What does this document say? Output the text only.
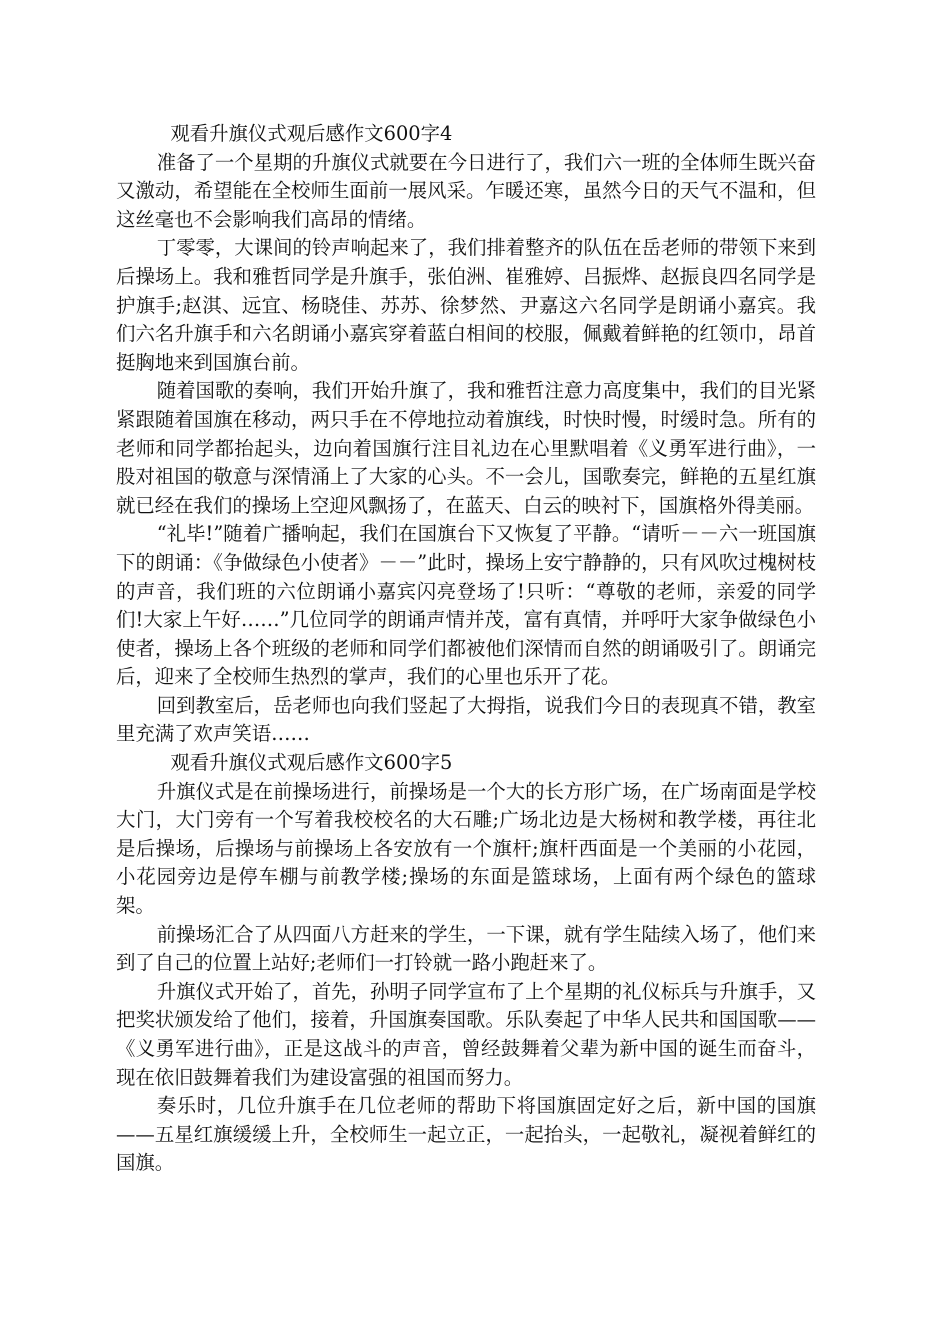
观看升旗仪式观后感作文600字4

准备了一个星期的升旗仪式就要在今日进行了，我们六一班的全体师生既兴奋又激动，希望能在全校师生面前一展风采。乍暖还寒，虽然今日的天气不温和，但这丝毫也不会影响我们高昂的情绪。

丁零零，大课间的铃声响起来了，我们排着整齐的队伍在岳老师的带领下来到后操场上。我和雅哲同学是升旗手，张伯洲、崔雅婷、吕振烨、赵振良四名同学是护旗手;赵淇、远宜、杨晓佳、苏苏、徐梦然、尹嘉这六名同学是朗诵小嘉宾。我们六名升旗手和六名朗诵小嘉宾穿着蓝白相间的校服，佩戴着鲜艳的红领巾，昂首挺胸地来到国旗台前。

随着国歌的奏响，我们开始升旗了，我和雅哲注意力高度集中，我们的目光紧紧跟随着国旗在移动，两只手在不停地拉动着旗线，时快时慢，时缓时急。所有的老师和同学都抬起头，边向着国旗行注目礼边在心里默唱着《义勇军进行曲》，一股对祖国的敬意与深情涌上了大家的心头。不一会儿，国歌奏完，鲜艳的五星红旗就已经在我们的操场上空迎风飘扬了，在蓝天、白云的映衬下，国旗格外得美丽。

“礼毕!”随着广播响起，我们在国旗台下又恢复了平静。“请听－－六一班国旗下的朗诵：《争做绿色小使者》－－”此时，操场上安宁静静的，只有风吹过槐树枝的声音，我们班的六位朗诵小嘉宾闪亮登场了!只听：“尊敬的老师，亲爱的同学们!大家上午好……”几位同学的朗诵声情并茂，富有真情，并呼吁大家争做绿色小使者，操场上各个班级的老师和同学们都被他们深情而自然的朗诵吸引了。朗诵完后，迎来了全校师生热烈的掌声，我们的心里也乐开了花。

回到教室后，岳老师也向我们竖起了大拇指，说我们今日的表现真不错，教室里充满了欢声笑语……

观看升旗仪式观后感作文600字5

升旗仪式是在前操场进行，前操场是一个大的长方形广场，在广场南面是学校大门，大门旁有一个写着我校校名的大石雕;广场北边是大杨树和教学楼，再往北是后操场，后操场与前操场上各安放有一个旗杆;旗杆西面是一个美丽的小花园，小花园旁边是停车棚与前教学楼;操场的东面是篮球场，上面有两个绿色的篮球架。

前操场汇合了从四面八方赶来的学生，一下课，就有学生陆续入场了，他们来到了自己的位置上站好;老师们一打铃就一路小跑赶来了。

升旗仪式开始了，首先，孙明子同学宣布了上个星期的礼仪标兵与升旗手，又把奖状颁发给了他们，接着，升国旗奏国歌。乐队奏起了中华人民共和国国歌——《义勇军进行曲》，正是这战斗的声音，曾经鼓舞着父辈为新中国的诞生而奋斗，现在依旧鼓舞着我们为建设富强的祖国而努力。

奏乐时，几位升旗手在几位老师的帮助下将国旗固定好之后，新中国的国旗——五星红旗缓缓上升，全校师生一起立正，一起抬头，一起敬礼，凝视着鲜红的国旗。
